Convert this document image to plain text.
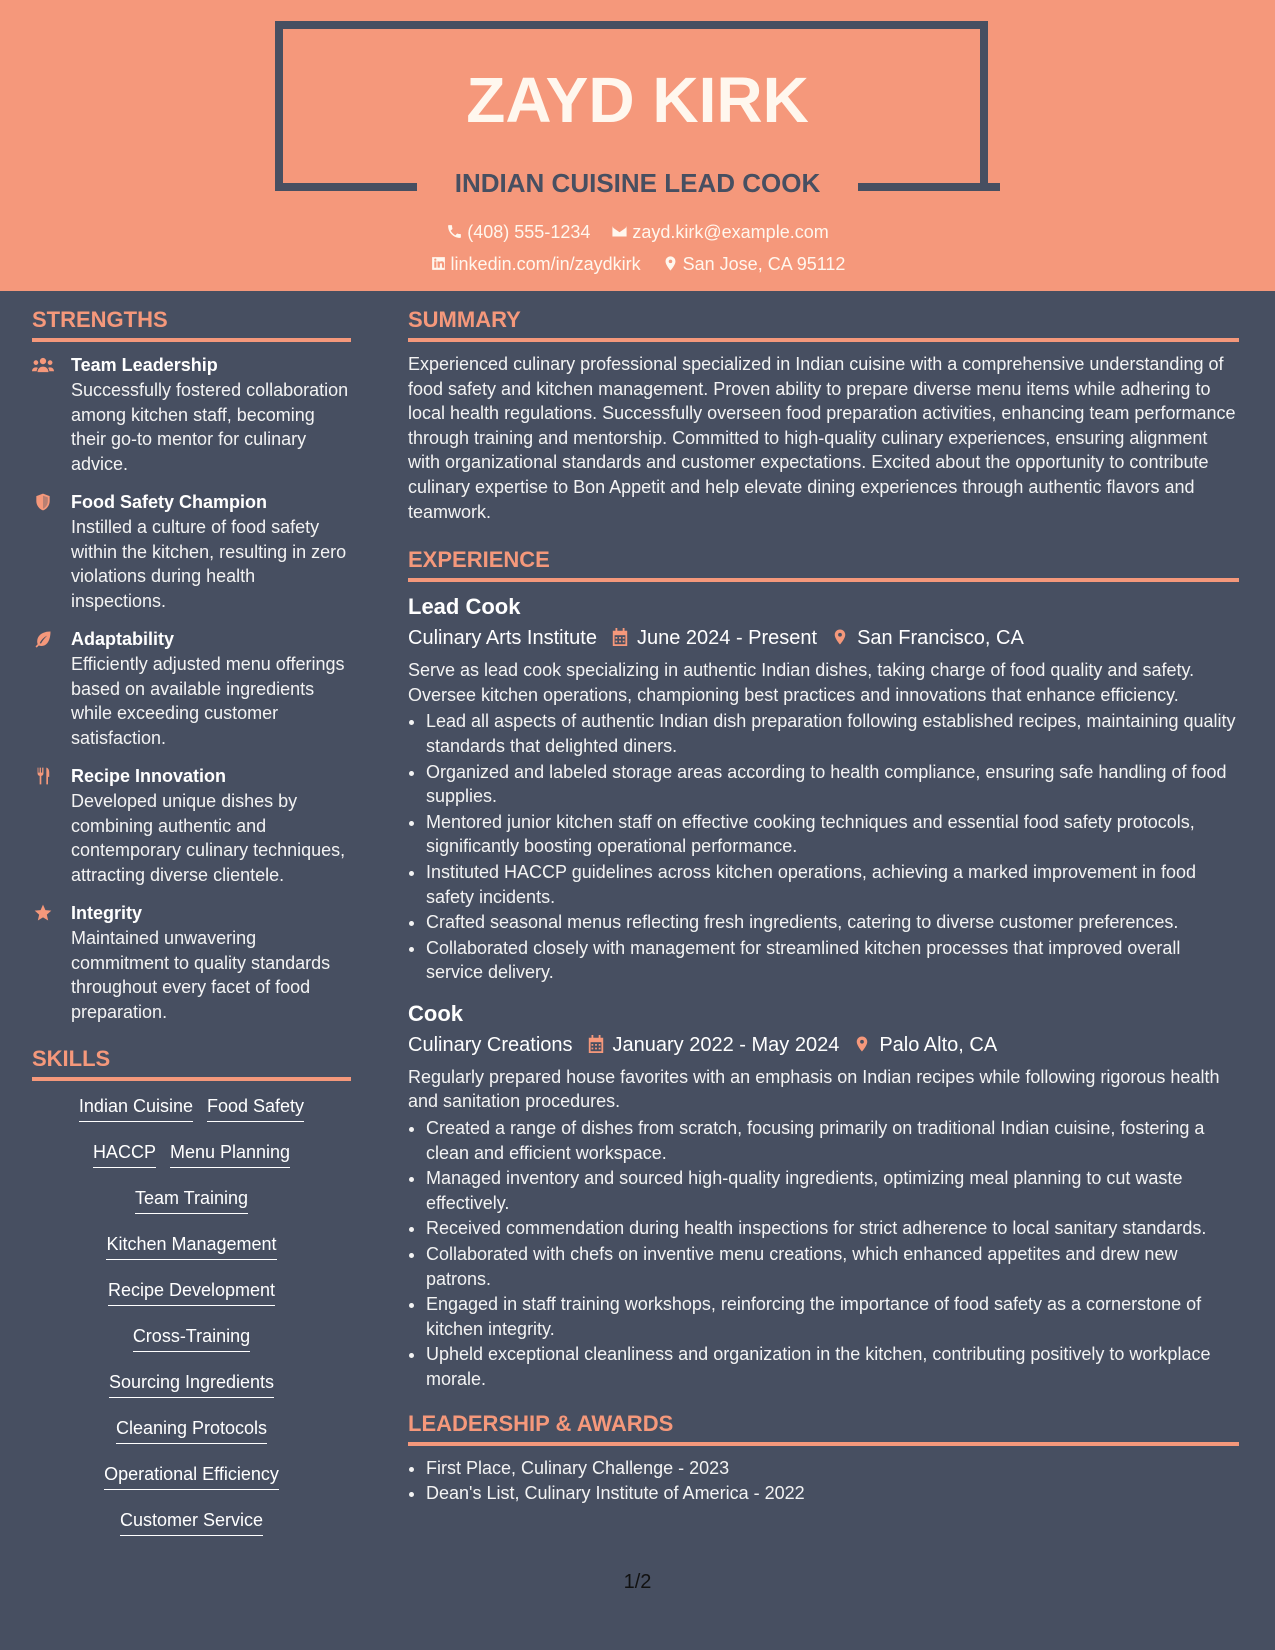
ZAYD KIRK
INDIAN CUISINE LEAD COOK
(408) 555-1234 zayd.kirk@example.com
linkedin.com/in/zaydkirk San Jose, CA 95112
STRENGTHS
Team Leadership
Successfully fostered collaboration among kitchen staff, becoming their go-to mentor for culinary advice.
Food Safety Champion
Instilled a culture of food safety within the kitchen, resulting in zero violations during health inspections.
Adaptability
Efficiently adjusted menu offerings based on available ingredients while exceeding customer satisfaction.
Recipe Innovation
Developed unique dishes by combining authentic and contemporary culinary techniques, attracting diverse clientele.
Integrity
Maintained unwavering commitment to quality standards throughout every facet of food preparation.
SKILLS
Indian Cuisine Food Safety
HACCP Menu Planning
Team Training
Kitchen Management
Recipe Development
Cross-Training
Sourcing Ingredients
Cleaning Protocols
Operational Efficiency
Customer Service
SUMMARY
Experienced culinary professional specialized in Indian cuisine with a comprehensive understanding of food safety and kitchen management. Proven ability to prepare diverse menu items while adhering to local health regulations. Successfully overseen food preparation activities, enhancing team performance through training and mentorship. Committed to high-quality culinary experiences, ensuring alignment with organizational standards and customer expectations. Excited about the opportunity to contribute culinary expertise to Bon Appetit and help elevate dining experiences through authentic flavors and teamwork.
EXPERIENCE
Lead Cook
Culinary Arts Institute June 2024 - Present San Francisco, CA
Serve as lead cook specializing in authentic Indian dishes, taking charge of food quality and safety. Oversee kitchen operations, championing best practices and innovations that enhance efficiency.
• Lead all aspects of authentic Indian dish preparation following established recipes, maintaining quality standards that delighted diners.
• Organized and labeled storage areas according to health compliance, ensuring safe handling of food supplies.
• Mentored junior kitchen staff on effective cooking techniques and essential food safety protocols, significantly boosting operational performance.
• Instituted HACCP guidelines across kitchen operations, achieving a marked improvement in food safety incidents.
• Crafted seasonal menus reflecting fresh ingredients, catering to diverse customer preferences.
• Collaborated closely with management for streamlined kitchen processes that improved overall service delivery.
Cook
Culinary Creations January 2022 - May 2024 Palo Alto, CA
Regularly prepared house favorites with an emphasis on Indian recipes while following rigorous health and sanitation procedures.
• Created a range of dishes from scratch, focusing primarily on traditional Indian cuisine, fostering a clean and efficient workspace.
• Managed inventory and sourced high-quality ingredients, optimizing meal planning to cut waste effectively.
• Received commendation during health inspections for strict adherence to local sanitary standards.
• Collaborated with chefs on inventive menu creations, which enhanced appetites and drew new patrons.
• Engaged in staff training workshops, reinforcing the importance of food safety as a cornerstone of kitchen integrity.
• Upheld exceptional cleanliness and organization in the kitchen, contributing positively to workplace morale.
LEADERSHIP & AWARDS
• First Place, Culinary Challenge - 2023
• Dean's List, Culinary Institute of America - 2022
1/2
